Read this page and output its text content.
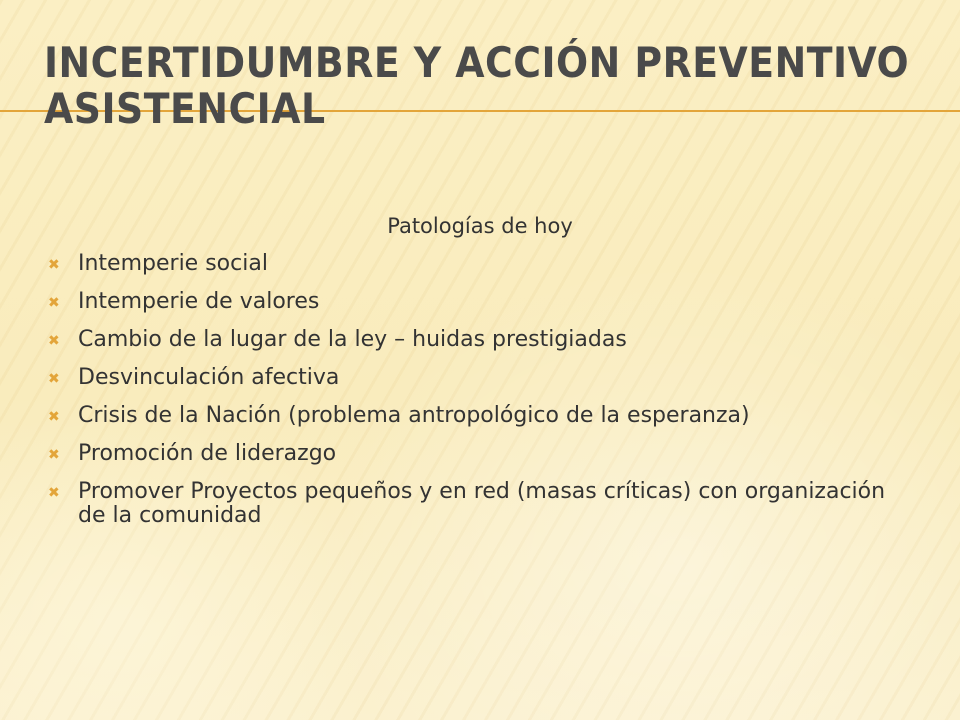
INCERTIDUMBRE Y ACCIÓN PREVENTIVO
ASISTENCIAL
Patologías de hoy
✖ Intemperie social
✖ Intemperie de valores
✖ Cambio de la lugar de la ley – huidas prestigiadas
✖ Desvinculación afectiva
✖ Crisis de la Nación (problema antropológico de la esperanza)
✖ Promoción de liderazgo
✖ Promover Proyectos pequeños y en red (masas críticas) con organización de la comunidad
